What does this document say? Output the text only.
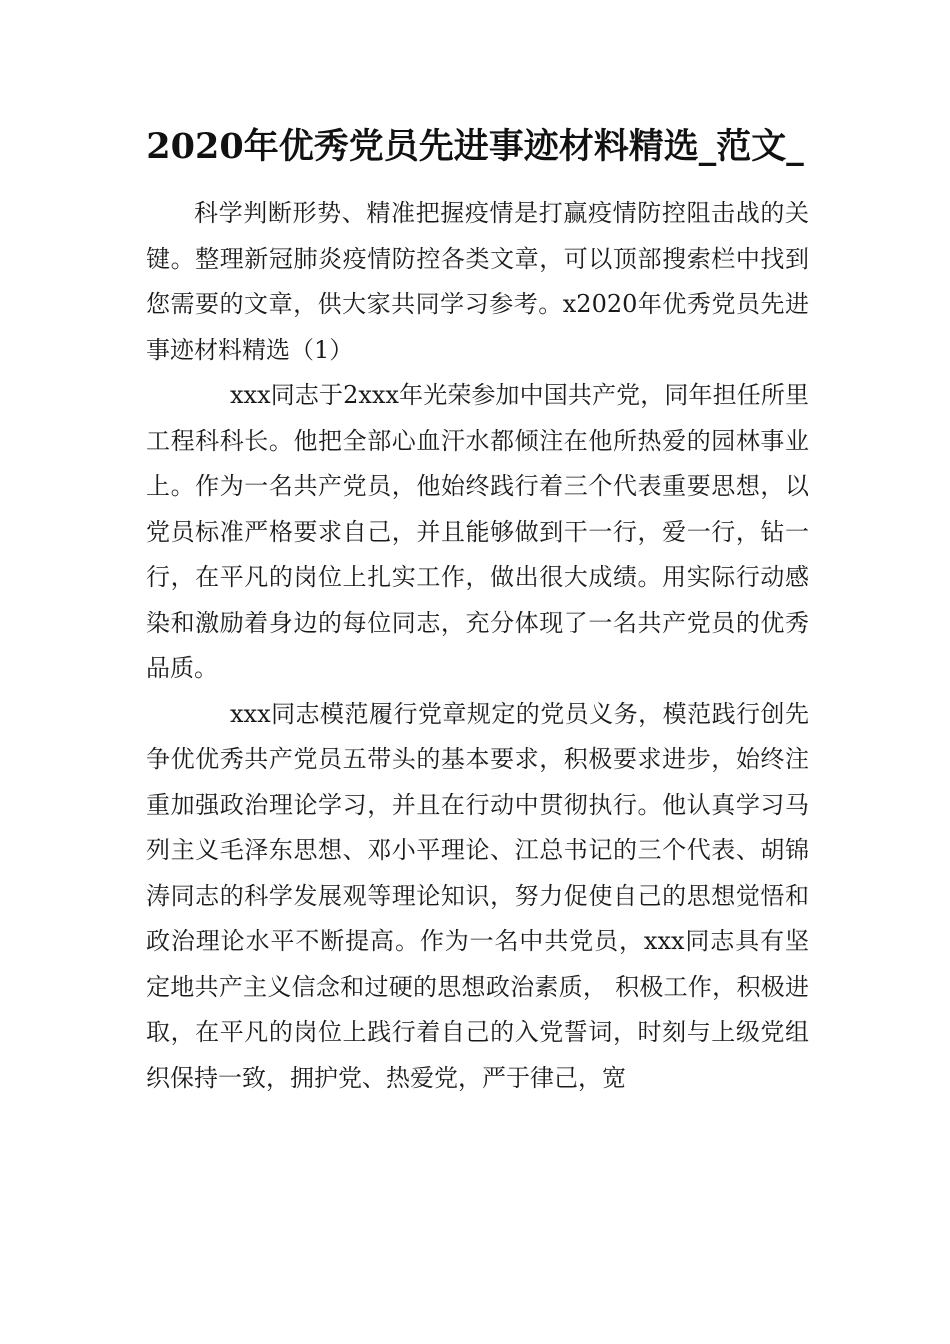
2020年优秀党员先进事迹材料精选_范文_

科学判断形势、精准把握疫情是打赢疫情防控阻击战的关键。整理新冠肺炎疫情防控各类文章，可以顶部搜索栏中找到您需要的文章，供大家共同学习参考。x2020年优秀党员先进事迹材料精选（1）

xxx同志于2xxx年光荣参加中国共产党，同年担任所里工程科科长。他把全部心血汗水都倾注在他所热爱的园林事业上。作为一名共产党员，他始终践行着三个代表重要思想，以党员标准严格要求自己，并且能够做到干一行，爱一行，钻一行，在平凡的岗位上扎实工作，做出很大成绩。用实际行动感染和激励着身边的每位同志，充分体现了一名共产党员的优秀品质。

xxx同志模范履行党章规定的党员义务，模范践行创先争优优秀共产党员五带头的基本要求，积极要求进步，始终注重加强政治理论学习，并且在行动中贯彻执行。他认真学习马列主义毛泽东思想、邓小平理论、江总书记的三个代表、胡锦涛同志的科学发展观等理论知识，努力促使自己的思想觉悟和政治理论水平不断提高。作为一名中共党员，xxx同志具有坚定地共产主义信念和过硬的思想政治素质， 积极工作，积极进取，在平凡的岗位上践行着自己的入党誓词，时刻与上级党组织保持一致，拥护党、热爱党，严于律己，宽
